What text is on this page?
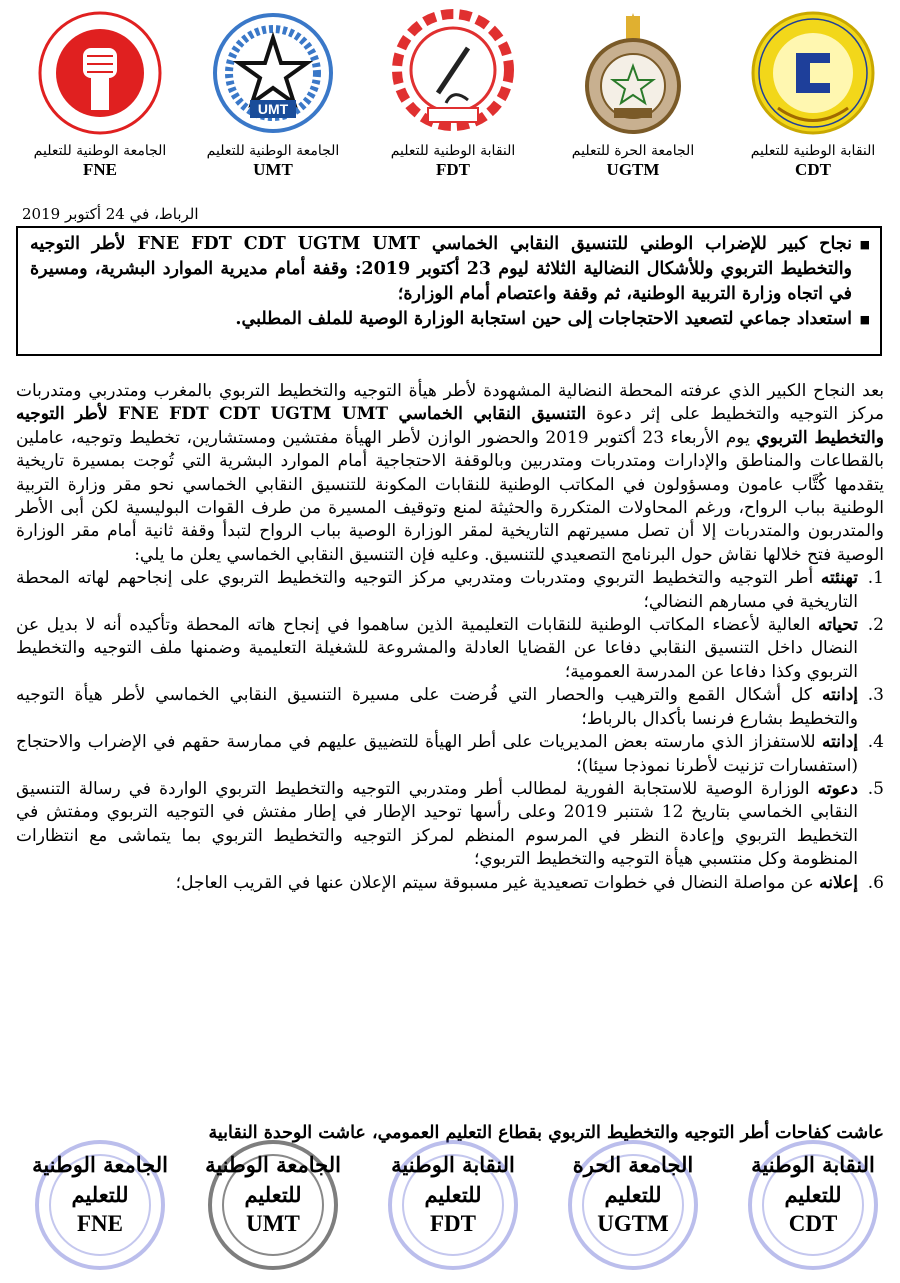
النقابة الوطنية للتعليم
CDT
الجامعة الحرة للتعليم
UGTM
النقابة الوطنية للتعليم
FDT
UMT
الجامعة الوطنية للتعليم
UMT
الجامعة الوطنية للتعليم
FNE
الرباط، في 24 أكتوبر 2019
■ نجاح كبير للإضراب الوطني للتنسيق النقابي الخماسي FNE FDT CDT UGTM UMT لأطر التوجيه والتخطيط التربوي وللأشكال النضالية الثلاثة ليوم 23 أكتوبر 2019: وقفة أمام مديرية الموارد البشرية، ومسيرة في اتجاه وزارة التربية الوطنية، ثم وقفة واعتصام أمام الوزارة؛
■ استعداد جماعي لتصعيد الاحتجاجات إلى حين استجابة الوزارة الوصية للملف المطلبي.

بعد النجاح الكبير الذي عرفته المحطة النضالية المشهودة لأطر هيأة التوجيه والتخطيط التربوي بالمغرب ومتدربي ومتدربات مركز التوجيه والتخطيط على إثر دعوة التنسيق النقابي الخماسي FNE FDT CDT UGTM UMT لأطر التوجيه والتخطيط التربوي يوم الأربعاء 23 أكتوبر 2019 والحضور الوازن لأطر الهيأة مفتشين ومستشارين، تخطيط وتوجيه، عاملين بالقطاعات والمناطق والإدارات ومتدربات ومتدربين وبالوقفة الاحتجاجية أمام الموارد البشرية التي تُوجت بمسيرة تاريخية يتقدمها كُتَّاب عامون ومسؤولون في المكاتب الوطنية للنقابات المكونة للتنسيق النقابي الخماسي نحو مقر وزارة التربية الوطنية بباب الرواح، ورغم المحاولات المتكررة والحثيثة لمنع وتوقيف المسيرة من طرف القوات البوليسية لكن أبى الأطر والمتدربون والمتدربات إلا أن تصل مسيرتهم التاريخية لمقر الوزارة الوصية بباب الرواح لتبدأ وقفة ثانية أمام مقر الوزارة الوصية فتح خلالها نقاش حول البرنامج التصعيدي للتنسيق. وعليه فإن التنسيق النقابي الخماسي يعلن ما يلي:

.1
تهنئته أطر التوجيه والتخطيط التربوي ومتدربات ومتدربي مركز التوجيه والتخطيط التربوي على إنجاحهم لهاته المحطة التاريخية في مسارهم النضالي؛
.2
تحياته العالية لأعضاء المكاتب الوطنية للنقابات التعليمية الذين ساهموا في إنجاح هاته المحطة وتأكيده أنه لا بديل عن النضال داخل التنسيق النقابي دفاعا عن القضايا العادلة والمشروعة للشغيلة التعليمية وضمنها ملف التوجيه والتخطيط التربوي وكذا دفاعا عن المدرسة العمومية؛
.3
إدانته كل أشكال القمع والترهيب والحصار التي فُرضت على مسيرة التنسيق النقابي الخماسي لأطر هيأة التوجيه والتخطيط بشارع فرنسا بأكدال بالرباط؛
.4
إدانته للاستفزاز الذي مارسته بعض المديريات على أطر الهيأة للتضييق عليهم في ممارسة حقهم في الإضراب والاحتجاج (استفسارات تزنيت لأطرنا نموذجا سيئا)؛
.5
دعوته الوزارة الوصية للاستجابة الفورية لمطالب أطر ومتدربي التوجيه والتخطيط التربوي الواردة في رسالة التنسيق النقابي الخماسي بتاريخ 12 شتنبر 2019 وعلى رأسها توحيد الإطار في إطار مفتش في التوجيه التربوي ومفتش في التخطيط التربوي وإعادة النظر في المرسوم المنظم لمركز التوجيه والتخطيط التربوي بما يتماشى مع انتظارات المنظومة وكل منتسبي هيأة التوجيه والتخطيط التربوي؛
.6
إعلانه عن مواصلة النضال في خطوات تصعيدية غير مسبوقة سيتم الإعلان عنها في القريب العاجل؛
عاشت كفاحات أطر التوجيه والتخطيط التربوي بقطاع التعليم العمومي، عاشت الوحدة النقابية
النقابة الوطنية
للتعليم
CDT
الجامعة الحرة
للتعليم
UGTM
النقابة الوطنية
للتعليم
FDT
الجامعة الوطنية
للتعليم
UMT
الجامعة الوطنية
للتعليم
FNE
